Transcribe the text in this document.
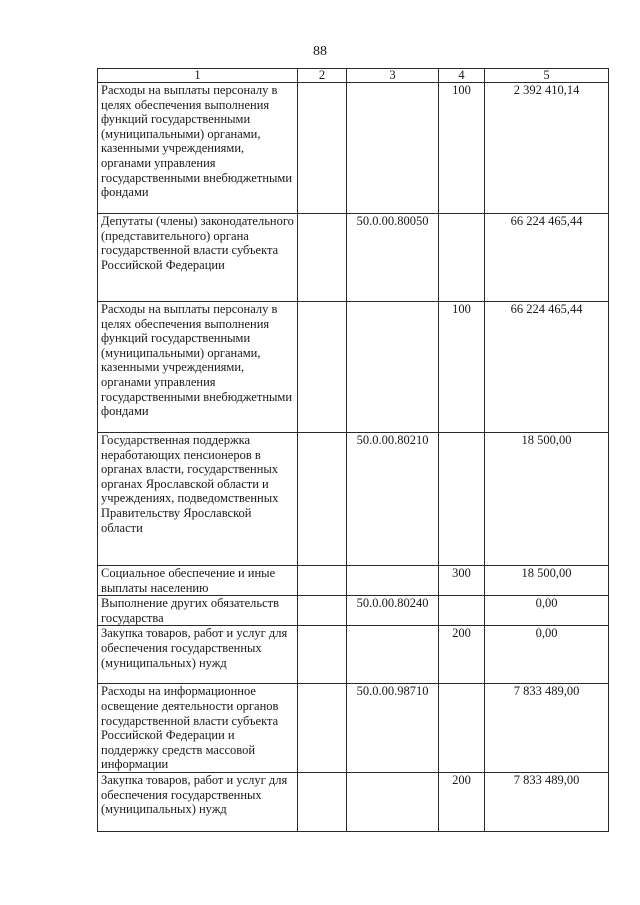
88
1	2	3	4	5
Расходы на выплаты персоналу в целях обеспечения выполнения функций государственными (муниципальными) органами, казенными учреждениями, органами управления государственными внебюджетными фондами			100	2 392 410,14
Депутаты (члены) законодательного (представительного) органа государственной власти субъекта Российской Федерации		50.0.00.80050		66 224 465,44
Расходы на выплаты персоналу в целях обеспечения выполнения функций государственными (муниципальными) органами, казенными учреждениями, органами управления государственными внебюджетными фондами			100	66 224 465,44
Государственная поддержка неработающих пенсионеров в органах власти, государственных органах Ярославской области и учреждениях, подведомственных Правительству Ярославской области		50.0.00.80210		18 500,00
Социальное обеспечение и иные выплаты населению			300	18 500,00
Выполнение других обязательств государства		50.0.00.80240		0,00
Закупка товаров, работ и услуг для обеспечения государственных (муниципальных) нужд			200	0,00
Расходы на информационное освещение деятельности органов государственной власти субъекта Российской Федерации и поддержку средств массовой информации		50.0.00.98710		7 833 489,00
Закупка товаров, работ и услуг для обеспечения государственных (муниципальных) нужд			200	7 833 489,00
